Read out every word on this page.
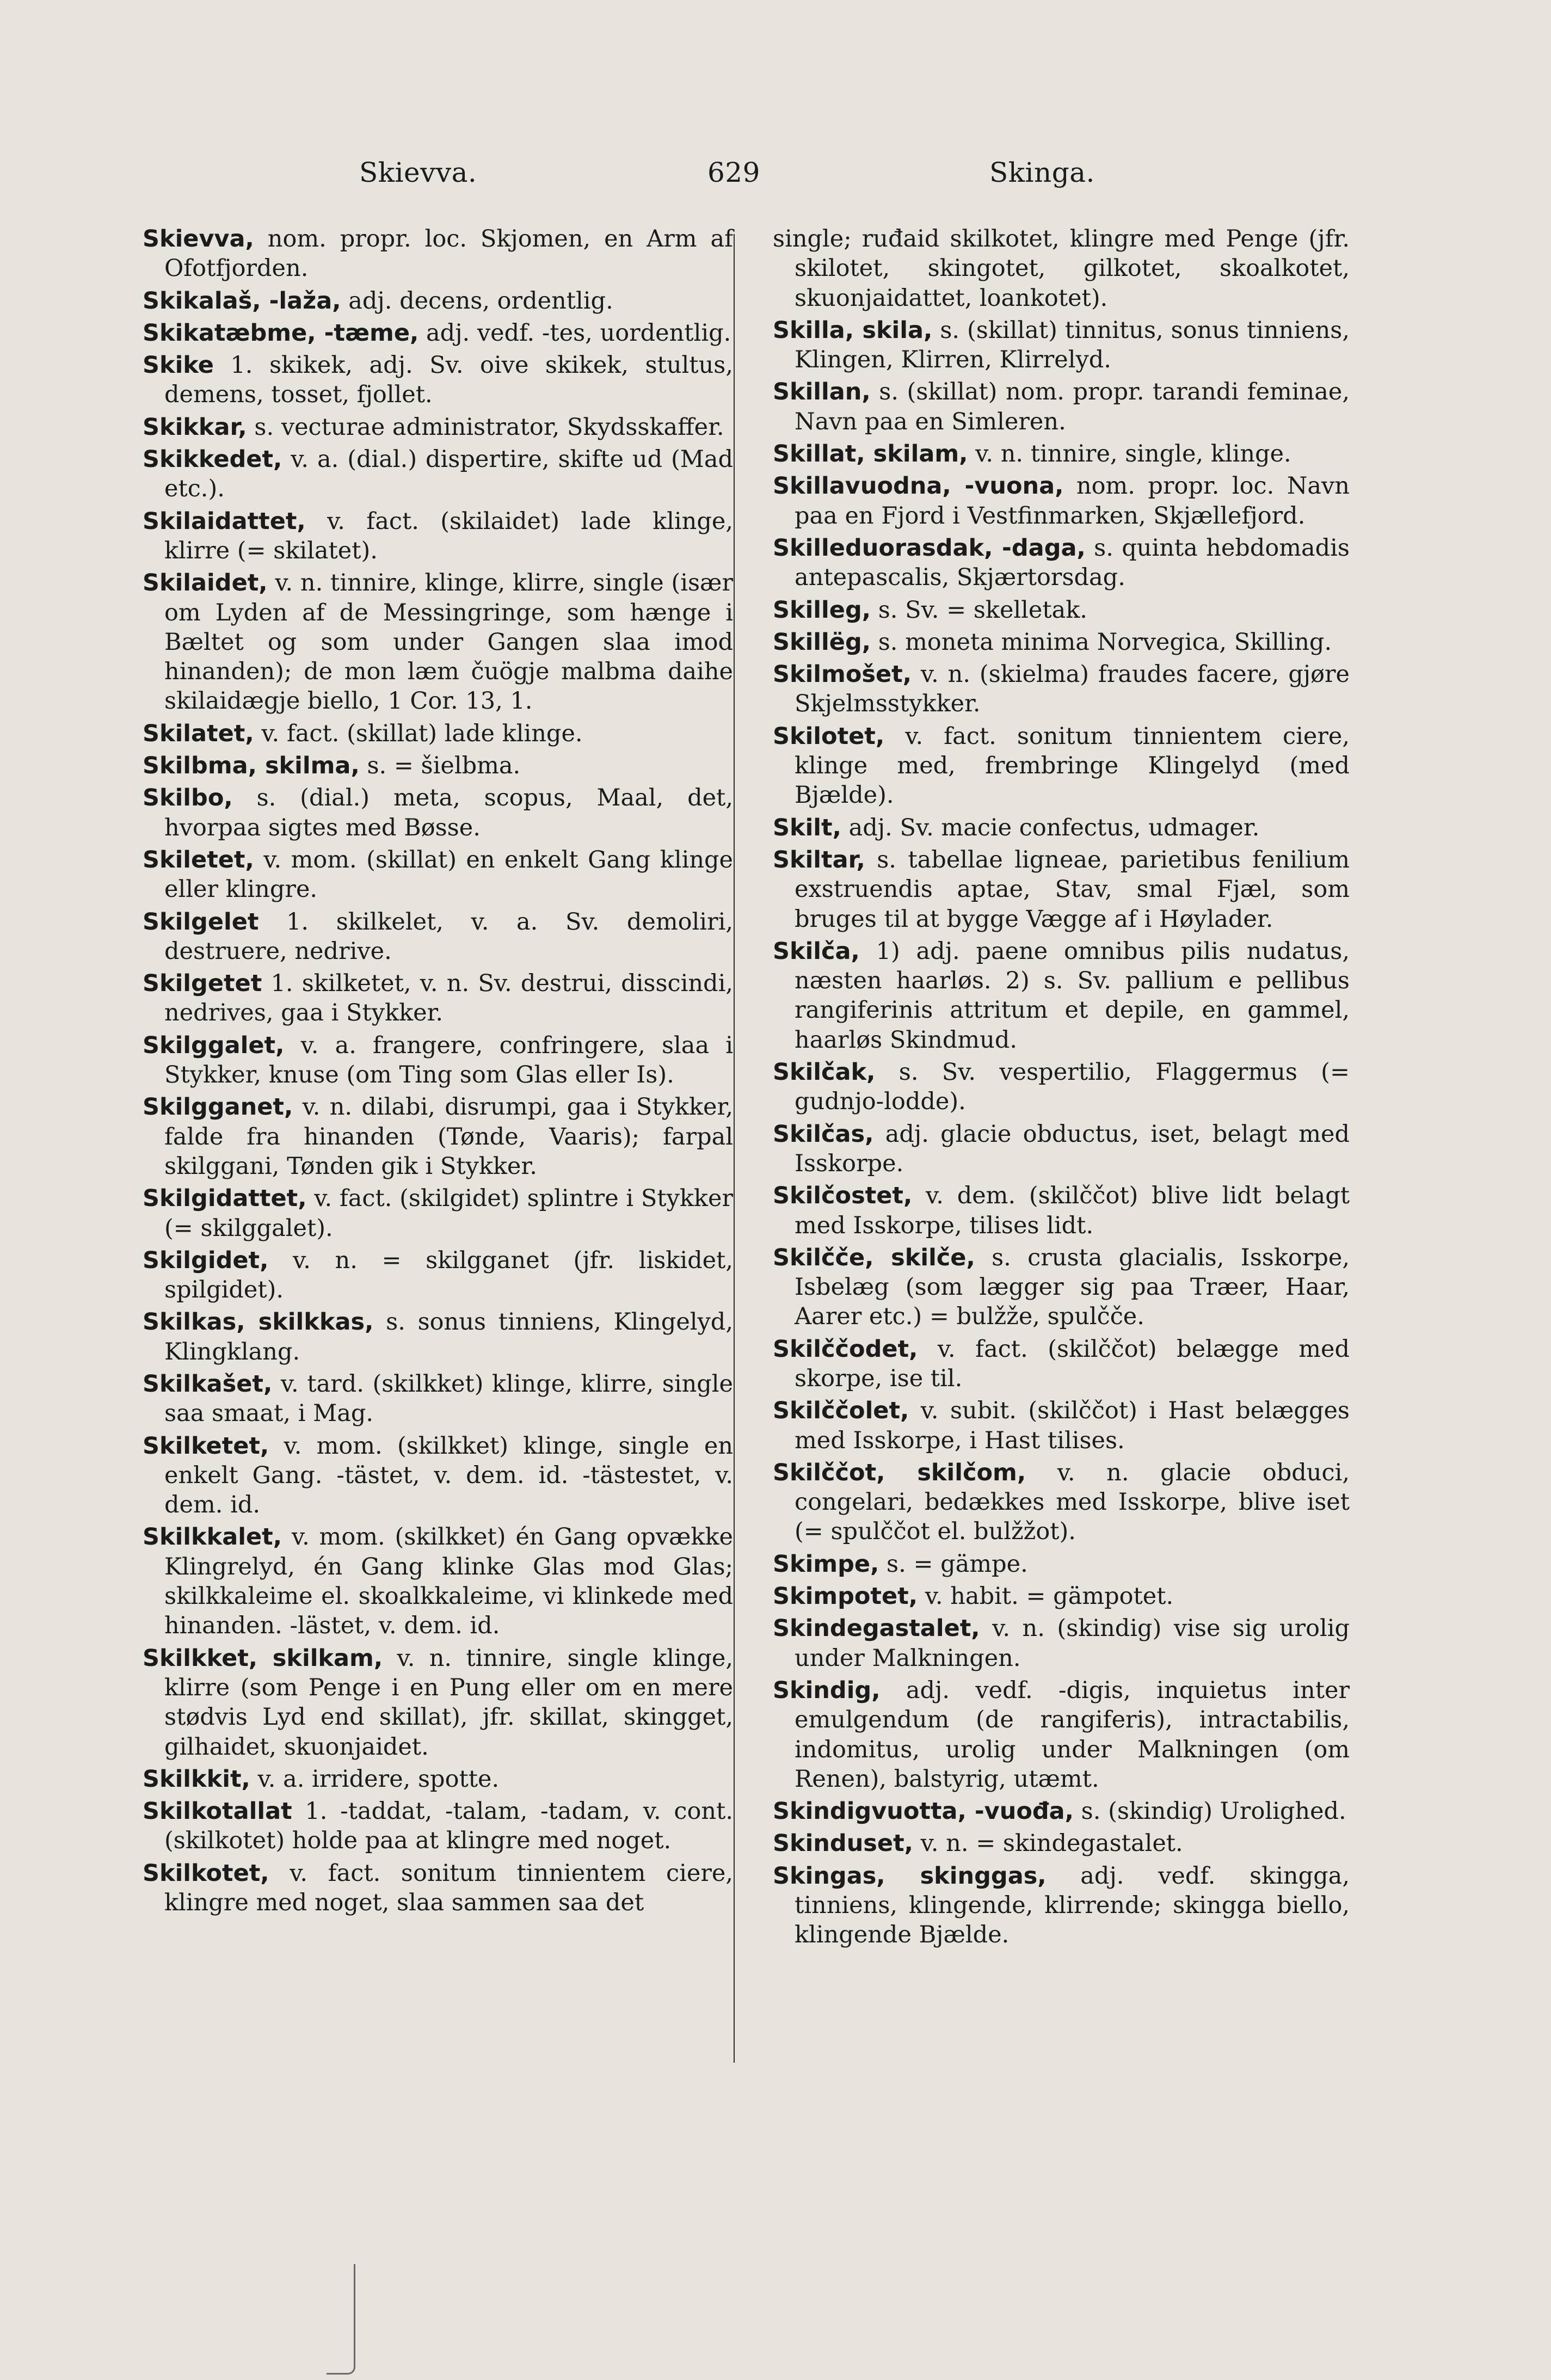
Skievva.	629	Skinga.

Skievva, nom. propr. loc. Skjomen, en Arm af Ofotfjorden.

Skikalaš, -laža, adj. decens, ordentlig.

Skikatæbme, -tæme, adj. vedf. -tes, uordentlig.

Skike 1. skikek, adj. Sv. oive skikek, stultus, demens, tosset, fjollet.

Skikkar, s. vecturae administrator, Skydsskaffer.

Skikkedet, v. a. (dial.) dispertire, skifte ud (Mad etc.).

Skilaidattet, v. fact. (skilaidet) lade klinge, klirre (= skilatet).

Skilaidet, v. n. tinnire, klinge, klirre, single (især om Lyden af de Messingringe, som hænge i Bæltet og som under Gangen slaa imod hinanden); de mon læm čuögje malbma daihe skilaidægje biello, 1 Cor. 13, 1.

Skilatet, v. fact. (skillat) lade klinge.

Skilbma, skilma, s. = šielbma.

Skilbo, s. (dial.) meta, scopus, Maal, det, hvorpaa sigtes med Bøsse.

Skiletet, v. mom. (skillat) en enkelt Gang klinge eller klingre.

Skilgelet 1. skilkelet, v. a. Sv. demoliri, destruere, nedrive.

Skilgetet 1. skilketet, v. n. Sv. destrui, disscindi, nedrives, gaa i Stykker.

Skilggalet, v. a. frangere, confringere, slaa i Stykker, knuse (om Ting som Glas eller Is).

Skilgganet, v. n. dilabi, disrumpi, gaa i Stykker, falde fra hinanden (Tønde, Vaaris); farpal skilggani, Tønden gik i Stykker.

Skilgidattet, v. fact. (skilgidet) splintre i Stykker (= skilggalet).

Skilgidet, v. n. = skilgganet (jfr. liskidet, spilgidet).

Skilkas, skilkkas, s. sonus tinniens, Klingelyd, Klingklang.

Skilkašet, v. tard. (skilkket) klinge, klirre, single saa smaat, i Mag.

Skilketet, v. mom. (skilkket) klinge, single en enkelt Gang. -tästet, v. dem. id. -tästestet, v. dem. id.

Skilkkalet, v. mom. (skilkket) én Gang opvække Klingrelyd, én Gang klinke Glas mod Glas; skilkkaleime el. skoalkkaleime, vi klinkede med hinanden. -lästet, v. dem. id.

Skilkket, skilkam, v. n. tinnire, single klinge, klirre (som Penge i en Pung eller om en mere stødvis Lyd end skillat), jfr. skillat, skingget, gilhaidet, skuonjaidet.

Skilkkit, v. a. irridere, spotte.

Skilkotallat 1. -taddat, -talam, -tadam, v. cont. (skilkotet) holde paa at klingre med noget.

Skilkotet, v. fact. sonitum tinnientem ciere, klingre med noget, slaa sammen saa det

single; ruđaid skilkotet, klingre med Penge (jfr. skilotet, skingotet, gilkotet, skoalkotet, skuonjaidattet, loankotet).

Skilla, skila, s. (skillat) tinnitus, sonus tinniens, Klingen, Klirren, Klirrelyd.

Skillan, s. (skillat) nom. propr. tarandi feminae, Navn paa en Simleren.

Skillat, skilam, v. n. tinnire, single, klinge.

Skillavuodna, -vuona, nom. propr. loc. Navn paa en Fjord i Vestfinmarken, Skjællefjord.

Skilleduorasdak, -daga, s. quinta hebdomadis antepascalis, Skjærtorsdag.

Skilleg, s. Sv. = skelletak.

Skillëg, s. moneta minima Norvegica, Skilling.

Skilmošet, v. n. (skielma) fraudes facere, gjøre Skjelmsstykker.

Skilotet, v. fact. sonitum tinnientem ciere, klinge med, frembringe Klingelyd (med Bjælde).

Skilt, adj. Sv. macie confectus, udmager.

Skiltar, s. tabellae ligneae, parietibus fenilium exstruendis aptae, Stav, smal Fjæl, som bruges til at bygge Vægge af i Høylader.

Skilča, 1) adj. paene omnibus pilis nudatus, næsten haarløs. 2) s. Sv. pallium e pellibus rangiferinis attritum et depile, en gammel, haarløs Skindmud.

Skilčak, s. Sv. vespertilio, Flaggermus (= gudnjo-lodde).

Skilčas, adj. glacie obductus, iset, belagt med Isskorpe.

Skilčostet, v. dem. (skilččot) blive lidt belagt med Isskorpe, tilises lidt.

Skilčče, skilče, s. crusta glacialis, Isskorpe, Isbelæg (som lægger sig paa Træer, Haar, Aarer etc.) = bulžže, spulčče.

Skilččodet, v. fact. (skilččot) belægge med skorpe, ise til.

Skilččolet, v. subit. (skilččot) i Hast belægges med Isskorpe, i Hast tilises.

Skilččot, skilčom, v. n. glacie obduci, congelari, bedækkes med Isskorpe, blive iset (= spulččot el. bulžžot).

Skimpe, s. = gämpe.

Skimpotet, v. habit. = gämpotet.

Skindegastalet, v. n. (skindig) vise sig urolig under Malkningen.

Skindig, adj. vedf. -digis, inquietus inter emulgendum (de rangiferis), intractabilis, indomitus, urolig under Malkningen (om Renen), balstyrig, utæmt.

Skindigvuotta, -vuođa, s. (skindig) Urolighed.

Skinduset, v. n. = skindegastalet.

Skingas, skinggas, adj. vedf. skingga, tinniens, klingende, klirrende; skingga biello, klingende Bjælde.
